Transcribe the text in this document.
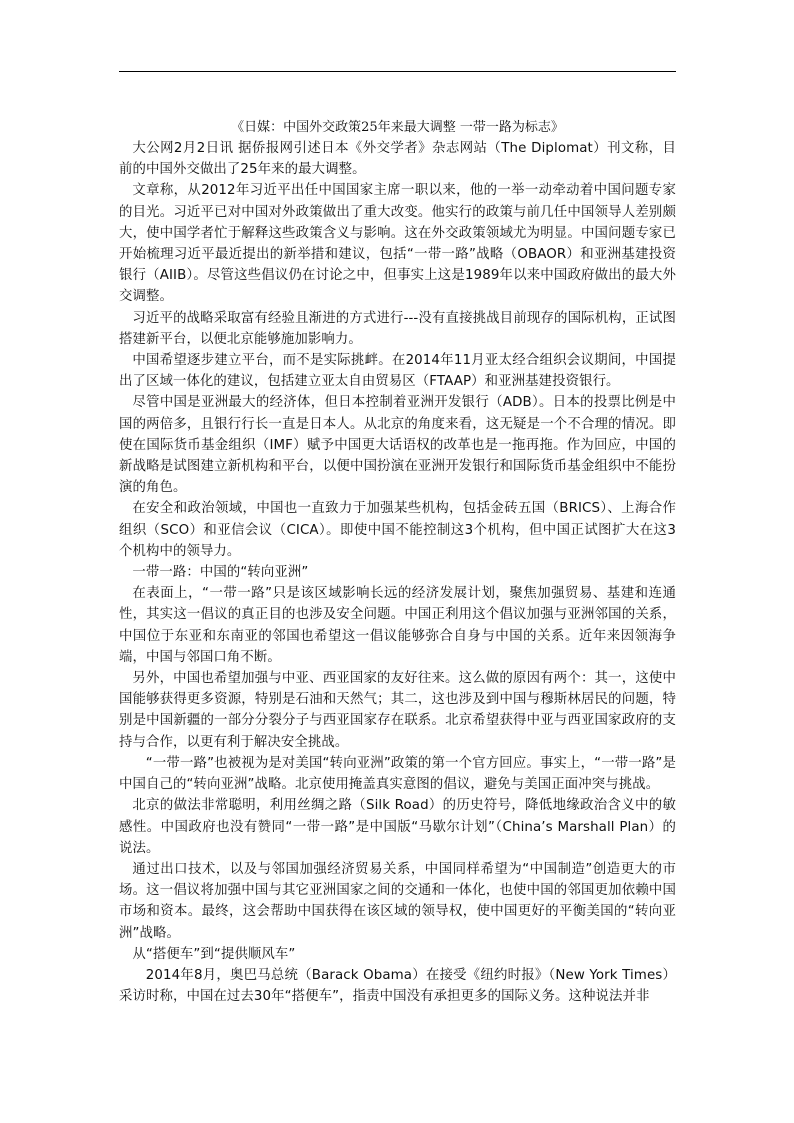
《日媒：中国外交政策25年来最大调整 一带一路为标志》

大公网2月2日讯 据侨报网引述日本《外交学者》杂志网站（The Diplomat）刊文称，目前的中国外交做出了25年来的最大调整。

文章称，从2012年习近平出任中国国家主席一职以来，他的一举一动牵动着中国问题专家的目光。习近平已对中国对外政策做出了重大改变。他实行的政策与前几任中国领导人差别颇大，使中国学者忙于解释这些政策含义与影响。这在外交政策领域尤为明显。中国问题专家已开始梳理习近平最近提出的新举措和建议，包括“一带一路”战略（OBAOR）和亚洲基建投资银行（AIIB）。尽管这些倡议仍在讨论之中，但事实上这是1989年以来中国政府做出的最大外交调整。

习近平的战略采取富有经验且渐进的方式进行---没有直接挑战目前现存的国际机构，正试图搭建新平台，以便北京能够施加影响力。

中国希望逐步建立平台，而不是实际挑衅。在2014年11月亚太经合组织会议期间，中国提出了区域一体化的建议，包括建立亚太自由贸易区（FTAAP）和亚洲基建投资银行。

尽管中国是亚洲最大的经济体，但日本控制着亚洲开发银行（ADB）。日本的投票比例是中国的两倍多，且银行行长一直是日本人。从北京的角度来看，这无疑是一个不合理的情况。即使在国际货币基金组织（IMF）赋予中国更大话语权的改革也是一拖再拖。作为回应，中国的新战略是试图建立新机构和平台，以便中国扮演在亚洲开发银行和国际货币基金组织中不能扮演的角色。

在安全和政治领域，中国也一直致力于加强某些机构，包括金砖五国（BRICS）、上海合作组织（SCO）和亚信会议（CICA）。即使中国不能控制这3个机构，但中国正试图扩大在这3个机构中的领导力。

一带一路：中国的“转向亚洲”

在表面上，“一带一路”只是该区域影响长远的经济发展计划，聚焦加强贸易、基建和连通性，其实这一倡议的真正目的也涉及安全问题。中国正利用这个倡议加强与亚洲邻国的关系，中国位于东亚和东南亚的邻国也希望这一倡议能够弥合自身与中国的关系。近年来因领海争端，中国与邻国口角不断。

另外，中国也希望加强与中亚、西亚国家的友好往来。这么做的原因有两个：其一，这使中国能够获得更多资源，特别是石油和天然气；其二，这也涉及到中国与穆斯林居民的问题，特别是中国新疆的一部分分裂分子与西亚国家存在联系。北京希望获得中亚与西亚国家政府的支持与合作，以更有利于解决安全挑战。

“一带一路”也被视为是对美国“转向亚洲”政策的第一个官方回应。事实上，“一带一路”是中国自己的“转向亚洲”战略。北京使用掩盖真实意图的倡议，避免与美国正面冲突与挑战。

北京的做法非常聪明，利用丝绸之路（Silk Road）的历史符号，降低地缘政治含义中的敏感性。中国政府也没有赞同“一带一路”是中国版“马歇尔计划”（China’s Marshall Plan）的说法。

通过出口技术，以及与邻国加强经济贸易关系，中国同样希望为“中国制造”创造更大的市场。这一倡议将加强中国与其它亚洲国家之间的交通和一体化，也使中国的邻国更加依赖中国市场和资本。最终，这会帮助中国获得在该区域的领导权，使中国更好的平衡美国的“转向亚洲”战略。

从“搭便车”到“提供顺风车”

2014年8月，奥巴马总统（Barack Obama）在接受《纽约时报》（New York Times）采访时称，中国在过去30年“搭便车”，指责中国没有承担更多的国际义务。这种说法并非
